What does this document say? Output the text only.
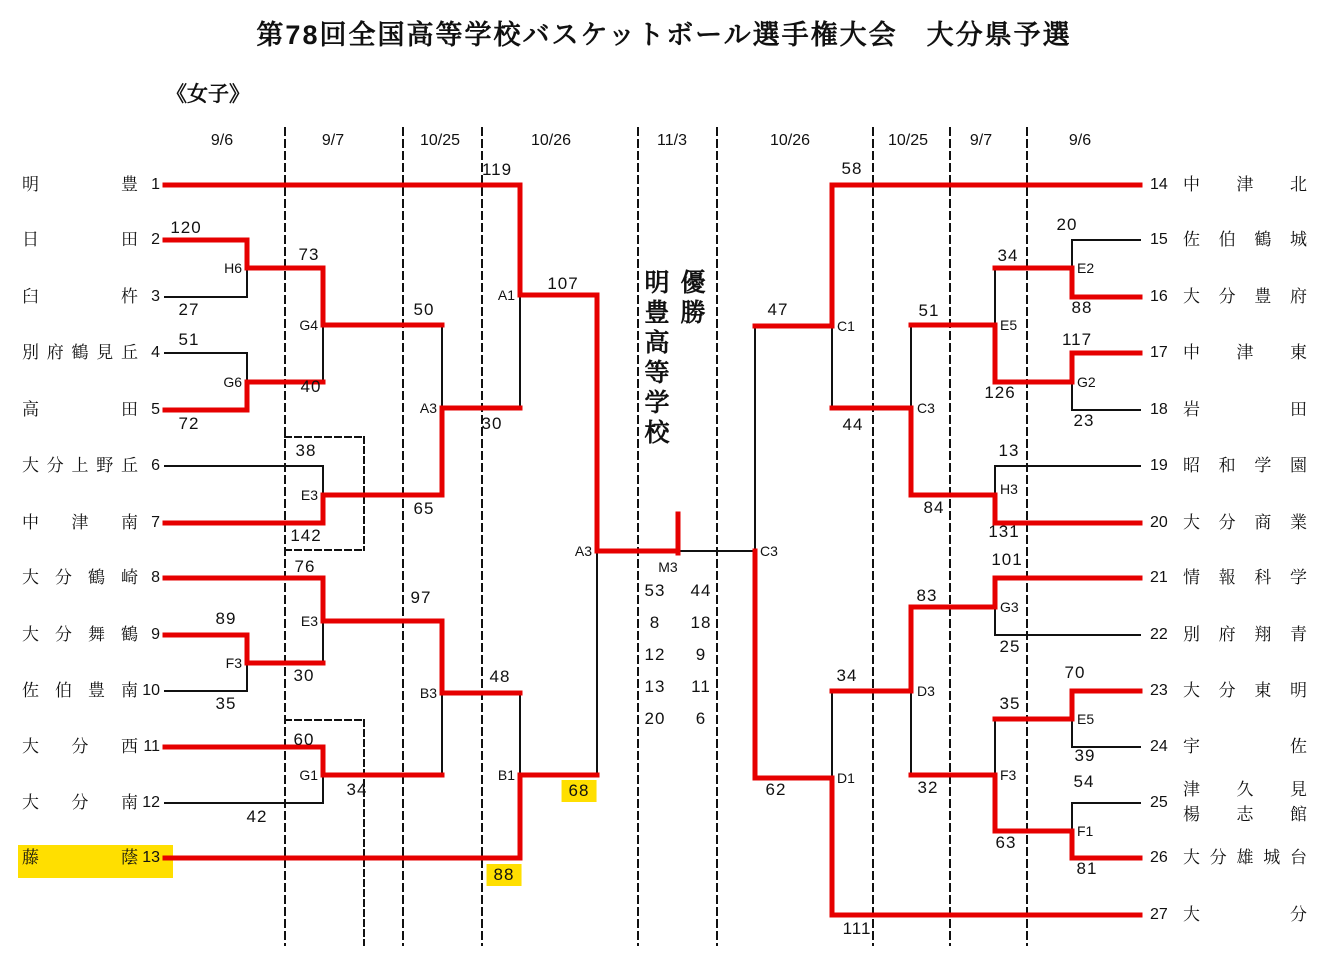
第78回全国高等学校バスケットボール選手権大会　大分県予選
《女子》
9/6	9/7	10/25	10/26	11/3	10/26	10/25	9/7	9/6
明	豊 1
日	田 2
臼	杵 3
別 府 鶴 見 丘 4
高	田 5
大 分 上 野 丘 6
中 津 南 7
大 分 鶴 崎 8
大 分 舞 鶴 9
佐 伯 豊 南 10
大 分 西 11
大 分 南 12
藤	蔭 13
14 中 津 北
15 佐 伯 鶴 城
16 大 分 豊 府
17 中 津 東
18 岩	田
19 昭 和 学 園
20 大 分 商 業
21 情 報 科 学
22 別 府 翔 青
23 大 分 東 明
24 宇	佐
25
津 久 見
楊 志 館
26 大 分 雄 城 台
27 大	分
119
120
27
73
51
40
72
50
30
107
38
65
142
76
89
97
30
35
48
60
34
42
68
88
58
20
34
88
51
117
47
126
23
44
13
84
131
101
83
25
34	70
35
39
54
32
62
63
81
111
H6
G6
F3
G4
E3
E3
G1
A3
B3
A1
B1
A3
M3
C3
C1
D1
C3
D3
E5
H3
G3
F3
E2
G2
E5
F1
明
豊
高
等
学
校
優
勝
53	44
8	18
12	9
13	11
20	6
